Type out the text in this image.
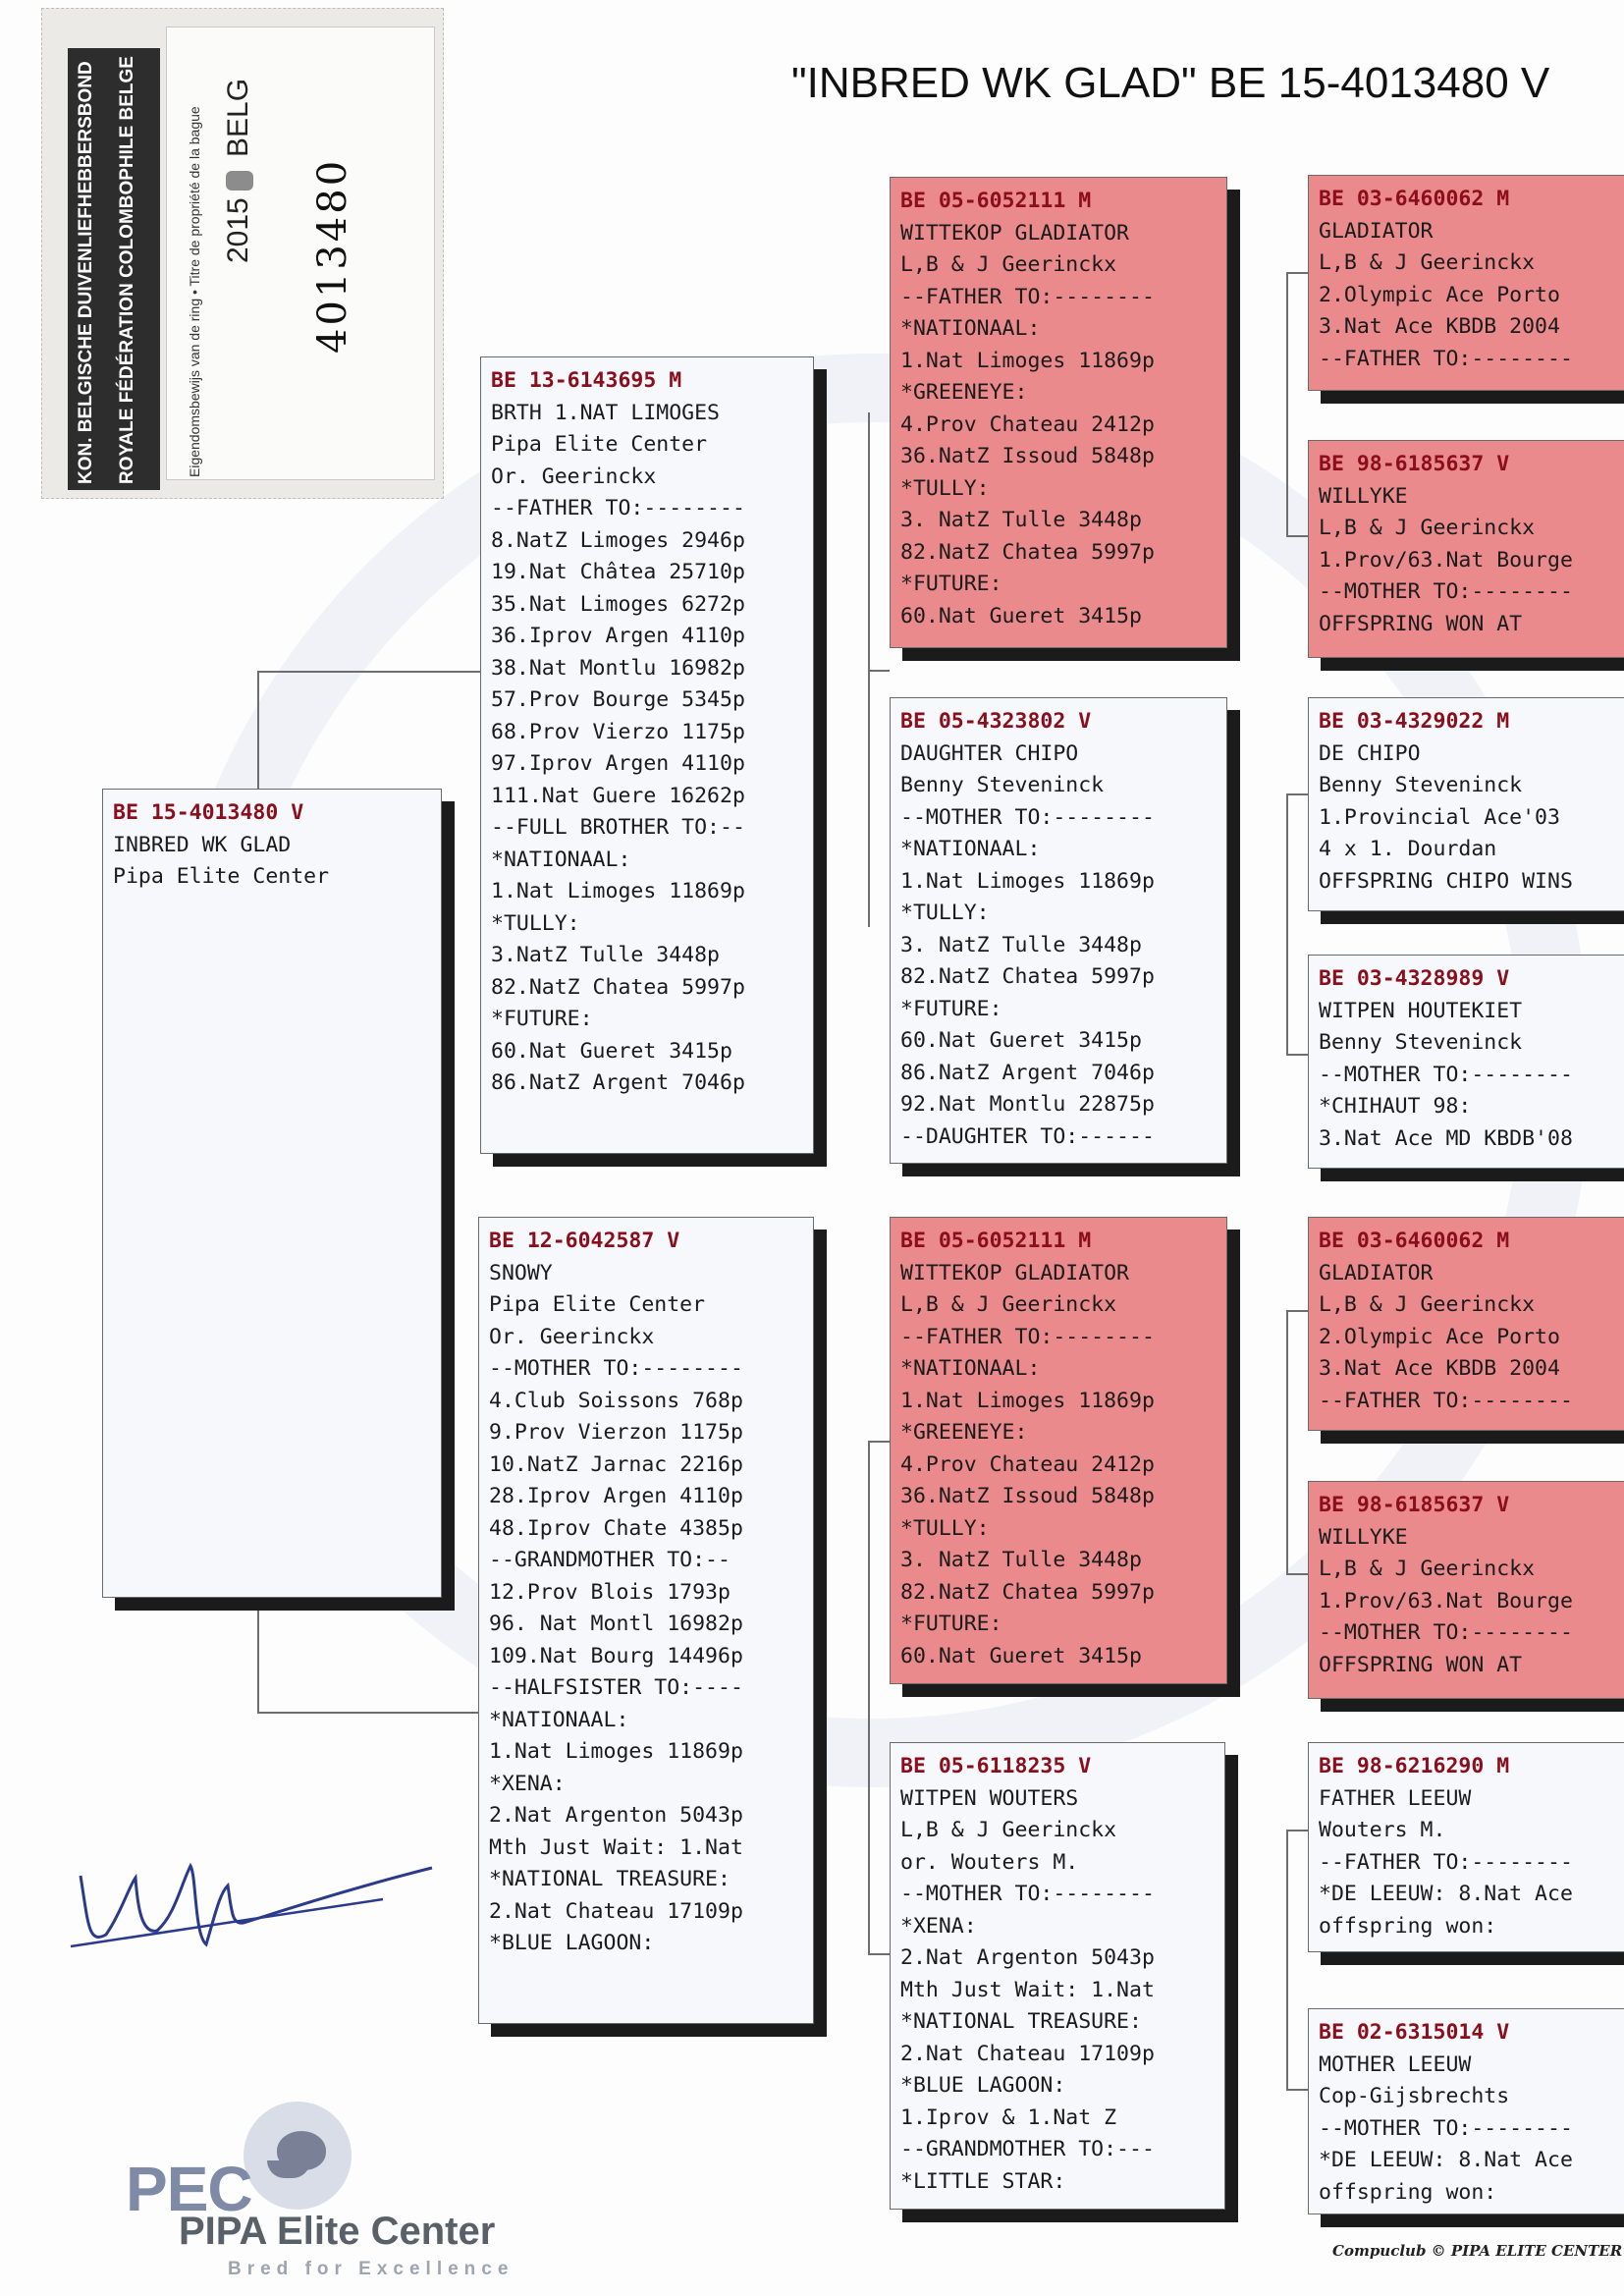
KON. BELGISCHE DUIVENLIEFHEBBERSBOND ROYALE FÉDÉRATION COLOMBOPHILE BELGE	Eigendomsbewijs van de ring • Titre de propriété de la bague 2015
BELG
4013480
"INBRED WK GLAD" BE 15-4013480 V
BE 15-4013480 V
INBRED WK GLAD
Pipa Elite Center
BE 13-6143695 M
BRTH 1.NAT LIMOGES
Pipa Elite Center
Or. Geerinckx
--FATHER TO:--------
8.NatZ Limoges 2946p
19.Nat Châtea 25710p
35.Nat Limoges 6272p
36.Iprov Argen 4110p
38.Nat Montlu 16982p
57.Prov Bourge 5345p
68.Prov Vierzo 1175p
97.Iprov Argen 4110p
111.Nat Guere 16262p
--FULL BROTHER TO:--
*NATIONAAL:
1.Nat Limoges 11869p
*TULLY:
3.NatZ Tulle 3448p
82.NatZ Chatea 5997p
*FUTURE:
60.Nat Gueret 3415p
86.NatZ Argent 7046p
BE 12-6042587 V
SNOWY
Pipa Elite Center
Or. Geerinckx
--MOTHER TO:--------
4.Club Soissons 768p
9.Prov Vierzon 1175p
10.NatZ Jarnac 2216p
28.Iprov Argen 4110p
48.Iprov Chate 4385p
--GRANDMOTHER TO:--
12.Prov Blois 1793p
96. Nat Montl 16982p
109.Nat Bourg 14496p
--HALFSISTER TO:----
*NATIONAAL:
1.Nat Limoges 11869p
*XENA:
2.Nat Argenton 5043p
Mth Just Wait: 1.Nat
*NATIONAL TREASURE:
2.Nat Chateau 17109p
*BLUE LAGOON:
BE 05-6052111 M
WITTEKOP GLADIATOR
L,B & J Geerinckx
--FATHER TO:--------
*NATIONAAL:
1.Nat Limoges 11869p
*GREENEYE:
4.Prov Chateau 2412p
36.NatZ Issoud 5848p
*TULLY:
3. NatZ Tulle 3448p
82.NatZ Chatea 5997p
*FUTURE:
60.Nat Gueret 3415p
BE 05-4323802 V
DAUGHTER CHIPO
Benny Steveninck
--MOTHER TO:--------
*NATIONAAL:
1.Nat Limoges 11869p
*TULLY:
3. NatZ Tulle 3448p
82.NatZ Chatea 5997p
*FUTURE:
60.Nat Gueret 3415p
86.NatZ Argent 7046p
92.Nat Montlu 22875p
--DAUGHTER TO:------
BE 05-6052111 M
WITTEKOP GLADIATOR
L,B & J Geerinckx
--FATHER TO:--------
*NATIONAAL:
1.Nat Limoges 11869p
*GREENEYE:
4.Prov Chateau 2412p
36.NatZ Issoud 5848p
*TULLY:
3. NatZ Tulle 3448p
82.NatZ Chatea 5997p
*FUTURE:
60.Nat Gueret 3415p
BE 05-6118235 V
WITPEN WOUTERS
L,B & J Geerinckx
or. Wouters M.
--MOTHER TO:--------
*XENA:
2.Nat Argenton 5043p
Mth Just Wait: 1.Nat
*NATIONAL TREASURE:
2.Nat Chateau 17109p
*BLUE LAGOON:
1.Iprov & 1.Nat Z
--GRANDMOTHER TO:---
*LITTLE STAR:
BE 03-6460062 M
GLADIATOR
L,B & J Geerinckx
2.Olympic Ace Porto
3.Nat Ace KBDB 2004
--FATHER TO:--------
BE 98-6185637 V
WILLYKE
L,B & J Geerinckx
1.Prov/63.Nat Bourge
--MOTHER TO:--------
OFFSPRING WON AT
BE 03-4329022 M
DE CHIPO
Benny Steveninck
1.Provincial Ace'03
4 x 1. Dourdan
OFFSPRING CHIPO WINS
BE 03-4328989 V
WITPEN HOUTEKIET
Benny Steveninck
--MOTHER TO:--------
*CHIHAUT 98:
3.Nat Ace MD KBDB'08
BE 03-6460062 M
GLADIATOR
L,B & J Geerinckx
2.Olympic Ace Porto
3.Nat Ace KBDB 2004
--FATHER TO:--------
BE 98-6185637 V
WILLYKE
L,B & J Geerinckx
1.Prov/63.Nat Bourge
--MOTHER TO:--------
OFFSPRING WON AT
BE 98-6216290 M
FATHER LEEUW
Wouters M.
--FATHER TO:--------
*DE LEEUW: 8.Nat Ace
offspring won:
BE 02-6315014 V
MOTHER LEEUW
Cop-Gijsbrechts
--MOTHER TO:--------
*DE LEEUW: 8.Nat Ace
offspring won:
PEC
PIPA Elite Center
Bred for Excellence
Compuclub © PIPA ELITE CENTER
